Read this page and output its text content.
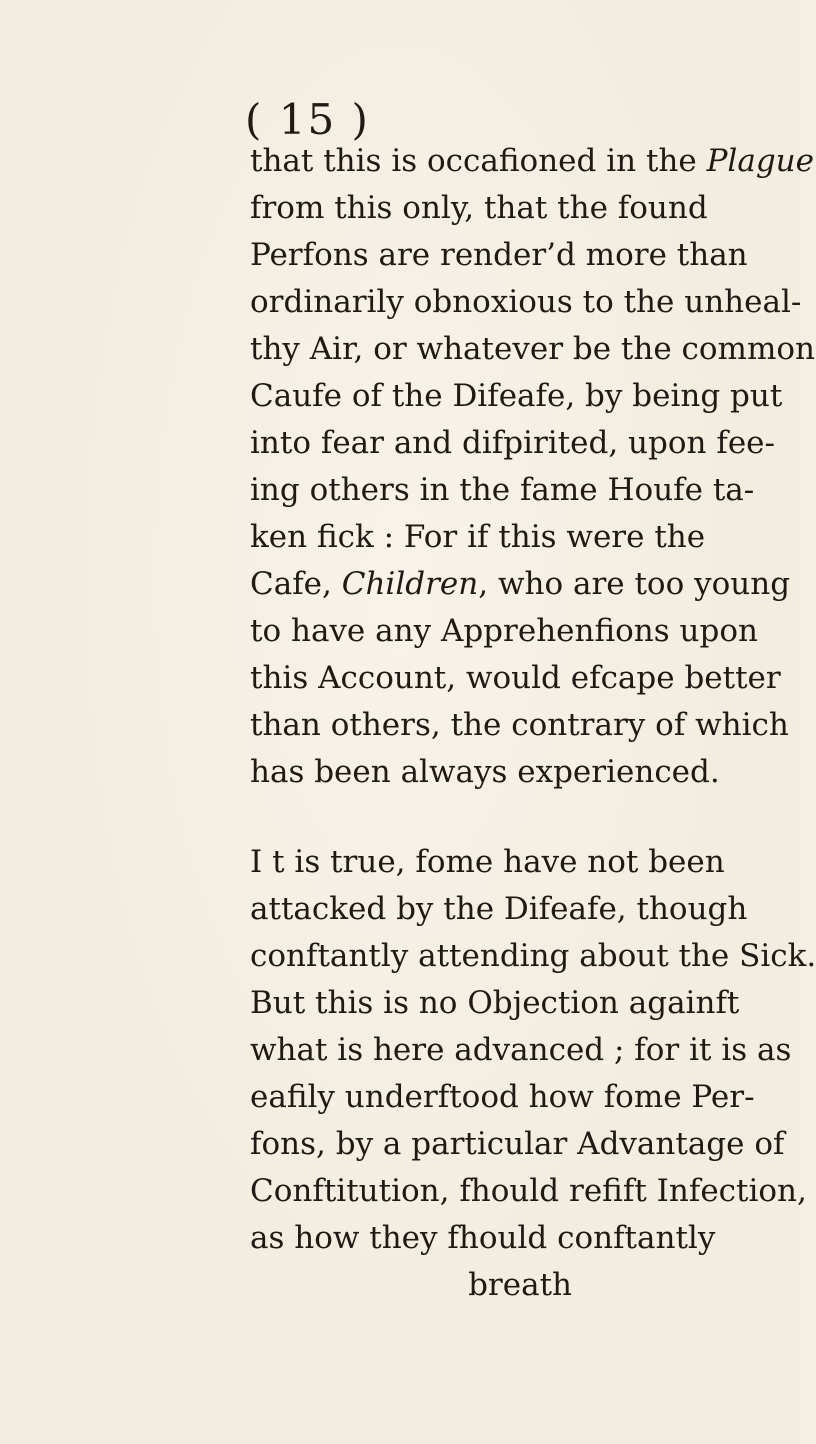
( 15 )
that this is occafioned in the Plague
from this only, that the found
Perfons are render’d more than
ordinarily obnoxious to the unheal-
thy Air, or whatever be the common
Caufe of the Difeafe, by being put
into fear and difpirited, upon fee-
ing others in the fame Houfe ta-
ken fick : For if this were the
Cafe, Children, who are too young
to have any Apprehenfions upon
this Account, would efcape better
than others, the contrary of which
has been always experienced.
I t is true, fome have not been
attacked by the Difeafe, though
conftantly attending about the Sick.
But this is no Objection againft
what is here advanced ; for it is as
eafily underftood how fome Per-
fons, by a particular Advantage of
Conftitution, fhould refift Infection,
as how they fhould conftantly
breath
